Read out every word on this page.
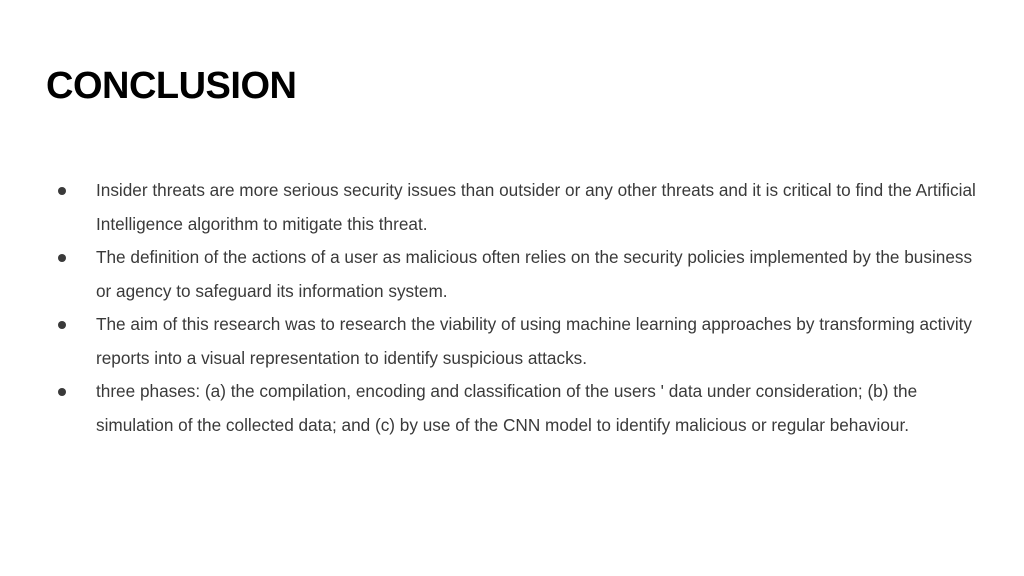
CONCLUSION
Insider threats are more serious security issues than outsider or any other threats and it is critical to find the Artificial Intelligence algorithm to mitigate this threat.
The definition of the actions of a user as malicious often relies on the security policies implemented by the business or agency to safeguard its information system.
The aim of this research was to research the viability of using machine learning approaches by transforming activity reports into a visual representation to identify suspicious attacks.
three phases: (a) the compilation, encoding and classification of the users ' data under consideration; (b) the simulation of the collected data; and (c) by use of the CNN model to identify malicious or regular behaviour.
